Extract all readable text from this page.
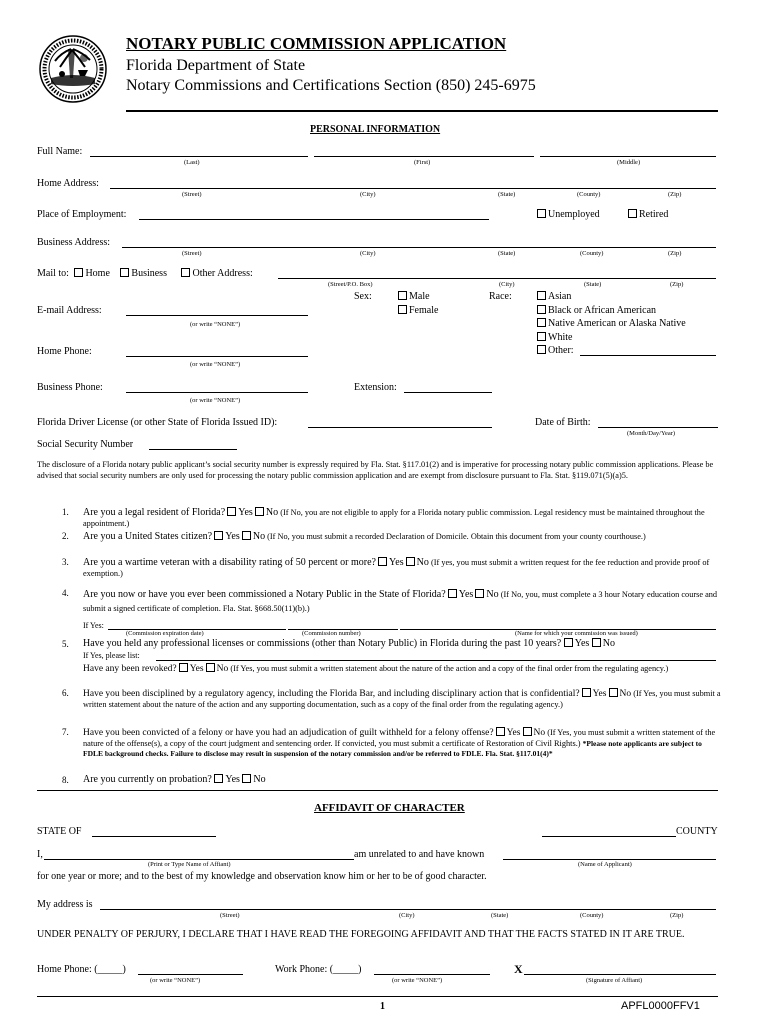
NOTARY PUBLIC COMMISSION APPLICATION
Florida Department of State
Notary Commissions and Certifications Section (850) 245-6975
PERSONAL INFORMATION
Full Name:
(Last)	(First)	(Middle)
Home Address:
(Street)	(City)	(State)	(County)	(Zip)
Place of Employment:	Unemployed	Retired
Business Address:
(Street)	(City)	(State)	(County)	(Zip)
Mail to: Home Business	Other Address:
(Street/P.O. Box)	(City)	(State)	(Zip)
Sex:	Male
Female
Race:	Asian
Black or African American
Native American or Alaska Native
White
Other:
E-mail Address:
(or write “NONE”)
Home Phone:
(or write “NONE”)
Business Phone:
(or write “NONE”)
Extension:
Florida Driver License (or other State of Florida Issued ID):	Date of Birth:
(Month/Day/Year)
Social Security Number
The disclosure of a Florida notary public applicant’s social security number is expressly required by Fla. Stat. §117.01(2) and is imperative for processing notary public commission applications. Please be advised that social security numbers are only used for processing the notary public commission application and are exempt from disclosure pursuant to Fla. Stat. §119.071(5)(a)5.
1. Are you a legal resident of Florida? Yes No (If No, you are not eligible to apply for a Florida notary public commission. Legal residency must be maintained throughout the appointment.)
2. Are you a United States citizen? Yes No (If No, you must submit a recorded Declaration of Domicile. Obtain this document from your county courthouse.)
3. Are you a wartime veteran with a disability rating of 50 percent or more? Yes No (If yes, you must submit a written request for the fee reduction and provide proof of exemption.)
4. Are you now or have you ever been commissioned a Notary Public in the State of Florida? Yes No (If No, you, must complete a 3 hour Notary education course and submit a signed certificate of completion. Fla. Stat. §668.50(11)(b).)
If Yes:
(Commission expiration date)	(Commission number)	(Name for which your commission was issued)
5. Have you held any professional licenses or commissions (other than Notary Public) in Florida during the past 10 years? Yes No
If Yes, please list:
Have any been revoked? Yes No (If Yes, you must submit a written statement about the nature of the action and a copy of the final order from the regulating agency.)
6. Have you been disciplined by a regulatory agency, including the Florida Bar, and including disciplinary action that is confidential? Yes No (If Yes, you must submit a written statement about the nature of the action and any supporting documentation, such as a copy of the final order from the regulating agency.)
7. Have you been convicted of a felony or have you had an adjudication of guilt withheld for a felony offense? Yes No (If Yes, you must submit a written statement of the nature of the offense(s), a copy of the court judgment and sentencing order. If convicted, you must submit a certificate of Restoration of Civil Rights.) *Please note applicants are subject to FDLE background checks. Failure to disclose may result in suspension of the notary commission and/or be referred to FDLE. Fla. Stat. §117.01(4)*
8. Are you currently on probation? Yes No
AFFIDAVIT OF CHARACTER
STATE OF	COUNTY
I,	am unrelated to and have known
(Print or Type Name of Affiant)	(Name of Applicant)
for one year or more; and to the best of my knowledge and observation know him or her to be of good character.
My address is
(Street)	(City)	(State)	(County)	(Zip)
UNDER PENALTY OF PERJURY, I DECLARE THAT I HAVE READ THE FOREGOING AFFIDAVIT AND THAT THE FACTS STATED IN IT ARE TRUE.
Home Phone: (_____)
(or write “NONE”)
Work Phone: (_____)
(or write “NONE”)
X
(Signature of Affiant)
1	APFL0000FFV1
